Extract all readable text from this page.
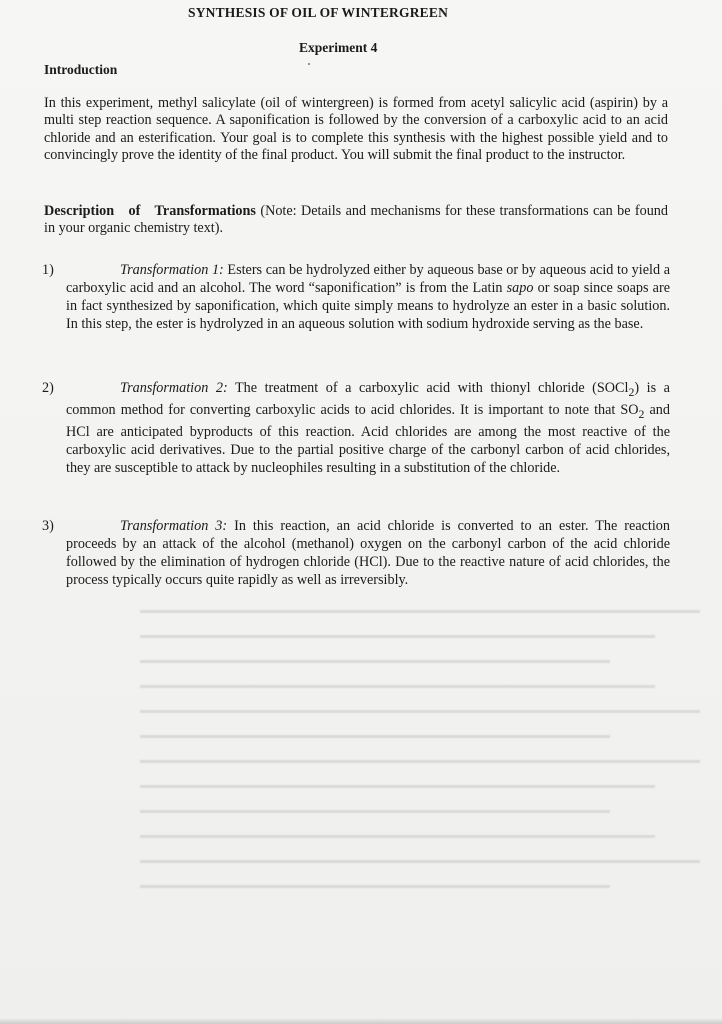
SYNTHESIS OF OIL OF WINTERGREEN
Experiment 4
Introduction
In this experiment, methyl salicylate (oil of wintergreen) is formed from acetyl salicylic acid (aspirin) by a multi step reaction sequence. A saponification is followed by the conversion of a carboxylic acid to an acid chloride and an esterification. Your goal is to complete this synthesis with the highest possible yield and to convincingly prove the identity of the final product. You will submit the final product to the instructor.
Description of Transformations (Note: Details and mechanisms for these transformations can be found in your organic chemistry text).
1)	Transformation 1: Esters can be hydrolyzed either by aqueous base or by aqueous acid to yield a carboxylic acid and an alcohol. The word “saponification” is from the Latin sapo or soap since soaps are in fact synthesized by saponification, which quite simply means to hydrolyze an ester in a basic solution. In this step, the ester is hydrolyzed in an aqueous solution with sodium hydroxide serving as the base.
2)	Transformation 2: The treatment of a carboxylic acid with thionyl chloride (SOCl$_2$) is a common method for converting carboxylic acids to acid chlorides. It is important to note that $SO_2$ and HCl are anticipated byproducts of this reaction. Acid chlorides are among the most reactive of the carboxylic acid derivatives. Due to the partial positive charge of the carbonyl carbon of acid chlorides, they are susceptible to attack by nucleophiles resulting in a substitution of the chloride.
3)	Transformation 3: In this reaction, an acid chloride is converted to an ester. The reaction proceeds by an attack of the alcohol (methanol) oxygen on the carbonyl carbon of the acid chloride followed by the elimination of hydrogen chloride (HCl). Due to the reactive nature of acid chlorides, the process typically occurs quite rapidly as well as irreversibly.
